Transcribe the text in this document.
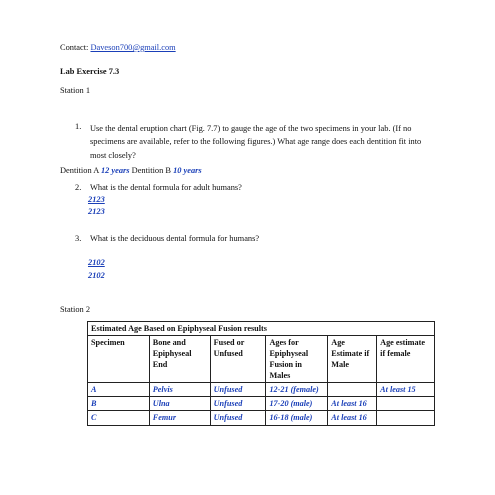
Contact: Daveson700@gmail.com
Lab Exercise 7.3
Station 1
1. Use the dental eruption chart (Fig. 7.7) to gauge the age of the two specimens in your lab. (If no specimens are available, refer to the following figures.) What age range does each dentition fit into most closely?
Dentition A 12 years Dentition B 10 years
2. What is the dental formula for adult humans?
2123
2123
3. What is the deciduous dental formula for humans?
2102
2102
Station 2
Estimated Age Based on Epiphyseal Fusion results					
Specimen	Bone and Epiphyseal End	Fused or Unfused	Ages for Epiphyseal Fusion in Males	Age Estimate if Male	Age estimate if female
A	Pelvis	Unfused	12-21 (female)		At least 15
B	Ulna	Unfused	17-20 (male)	At least 16	
C	Femur	Unfused	16-18 (male)	At least 16	
